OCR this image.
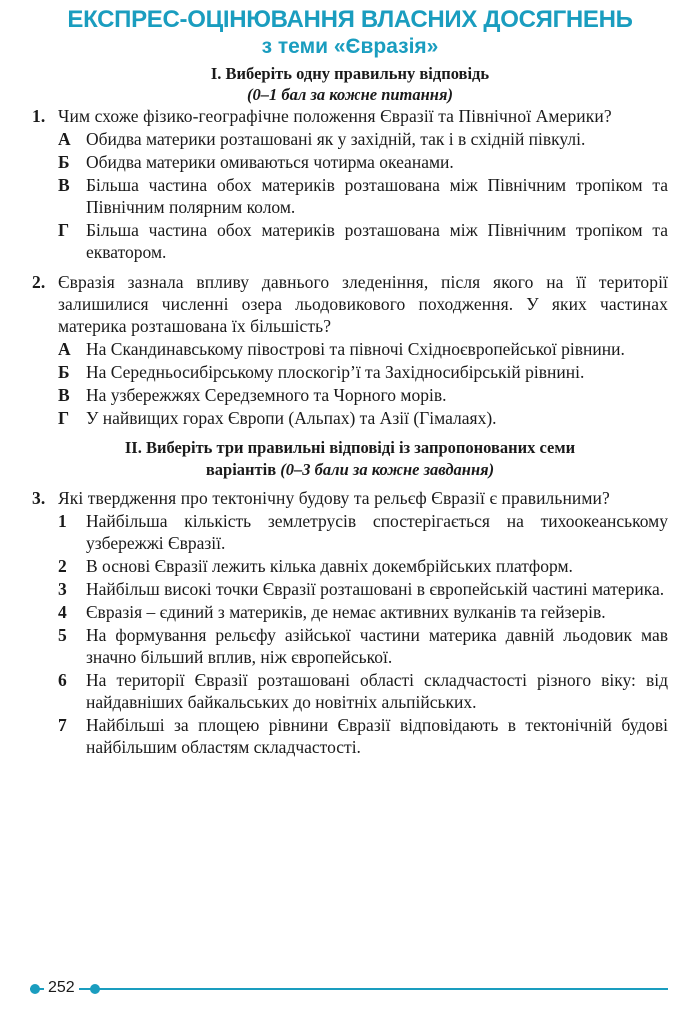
ЕКСПРЕС-ОЦІНЮВАННЯ ВЛАСНИХ ДОСЯГНЕНЬ
з теми «Євразія»
І. Виберіть одну правильну відповідь
(0–1 бал за кожне питання)
1. Чим схоже фізико-географічне положення Євразії та Північної Америки?
А Обидва материки розташовані як у західній, так і в східній півкулі.
Б Обидва материки омиваються чотирма океанами.
В Більша частина обох материків розташована між Північним тропіком та Північним полярним колом.
Г Більша частина обох материків розташована між Північним тропіком та екватором.
2. Євразія зазнала впливу давнього зледеніння, після якого на її території залишилися численні озера льодовикового походження. У яких частинах материка розташована їх більшість?
А На Скандинавському півострові та півночі Східноєвропейської рівнини.
Б На Середньосибірському плоскогір’ї та Західносибірській рівнині.
В На узбережжях Середземного та Чорного морів.
Г У найвищих горах Європи (Альпах) та Азії (Гімалаях).
ІІ. Виберіть три правильні відповіді із запропонованих семи
варіантів (0–3 бали за кожне завдання)
3. Які твердження про тектонічну будову та рельєф Євразії є правильними?
1 Найбільша кількість землетрусів спостерігається на тихоокеанському узбережжі Євразії.
2 В основі Євразії лежить кілька давніх докембрійських платформ.
3 Найбільш високі точки Євразії розташовані в європейській частині материка.
4 Євразія – єдиний з материків, де немає активних вулканів та гейзерів.
5 На формування рельєфу азійської частини материка давній льодовик мав значно більший вплив, ніж європейської.
6 На території Євразії розташовані області складчастості різного віку: від найдавніших байкальських до новітніх альпійських.
7 Найбільші за площею рівнини Євразії відповідають в тектонічній будові найбільшим областям складчастості.
252
